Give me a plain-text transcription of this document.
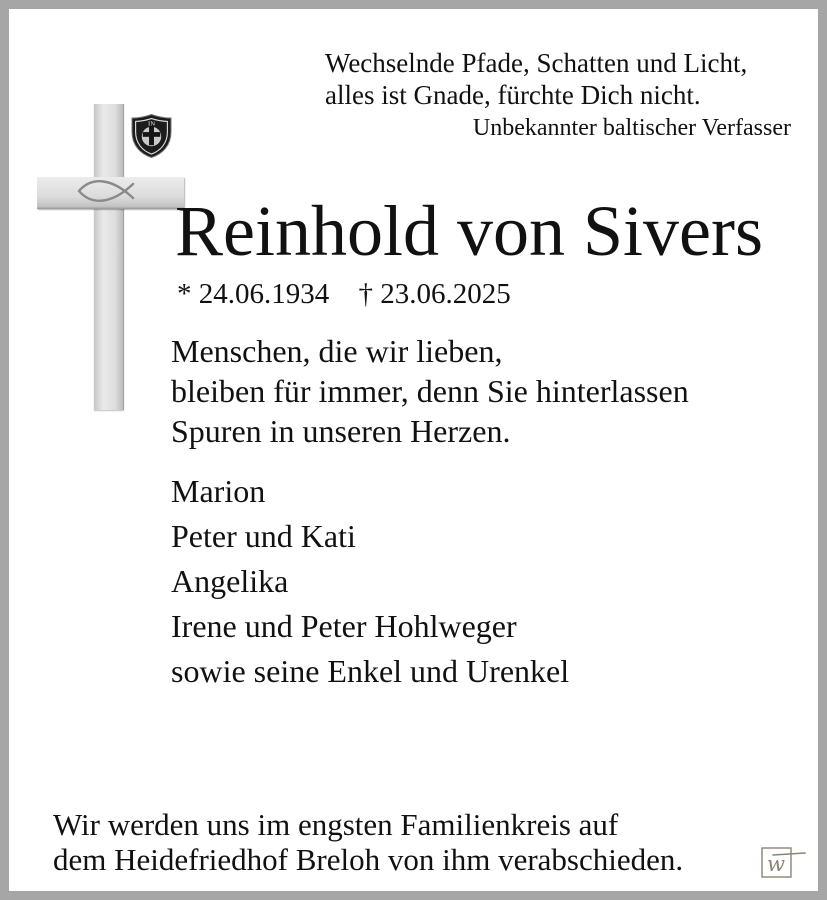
Wechselnde Pfade, Schatten und Licht,
alles ist Gnade, fürchte Dich nicht.
Unbekannter baltischer Verfasser
IN
Reinhold von Sivers
* 24.06.1934 † 23.06.2025
Menschen, die wir lieben,
bleiben für immer, denn Sie hinterlassen
Spuren in unseren Herzen.
Marion
Peter und Kati
Angelika
Irene und Peter Hohlweger
sowie seine Enkel und Urenkel
Wir werden uns im engsten Familienkreis auf
dem Heidefriedhof Breloh von ihm verabschieden.	w
